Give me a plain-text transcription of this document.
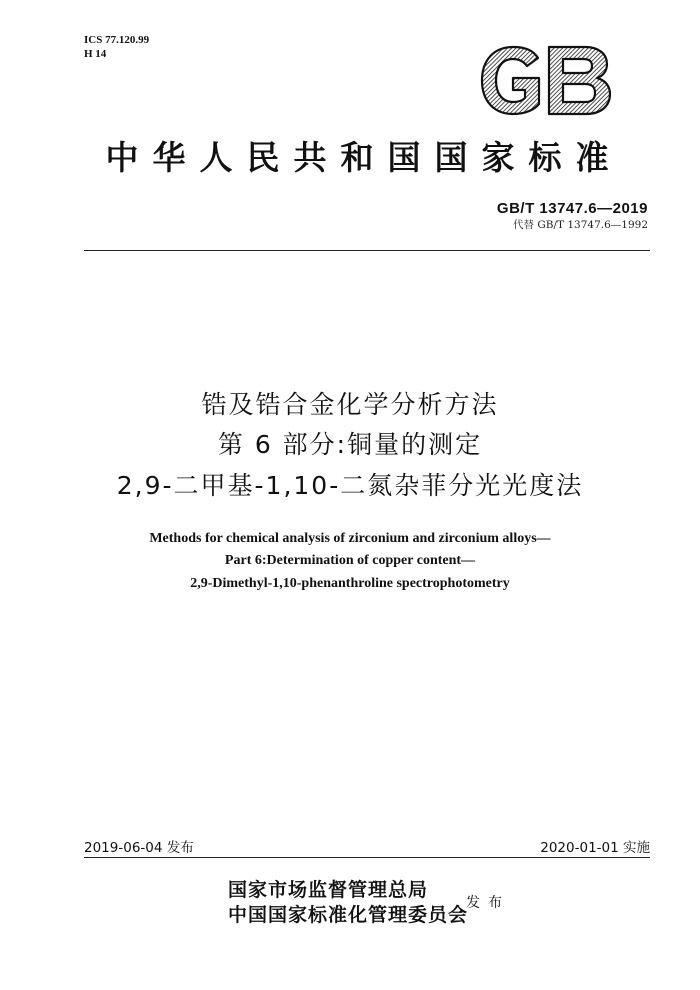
ICS 77.120.99
H 14
中华人民共和国国家标准
GB/T 13747.6—2019
代替 GB/T 13747.6—1992
锆及锆合金化学分析方法
第 6 部分:铜量的测定
2,9-二甲基-1,10-二氮杂菲分光光度法
Methods for chemical analysis of zirconium and zirconium alloys—
Part 6:Determination of copper content—
2,9-Dimethyl-1,10-phenanthroline spectrophotometry
2019-06-04 发布	2020-01-01 实施
国家市场监督管理总局
中国国家标准化管理委员会
发布
